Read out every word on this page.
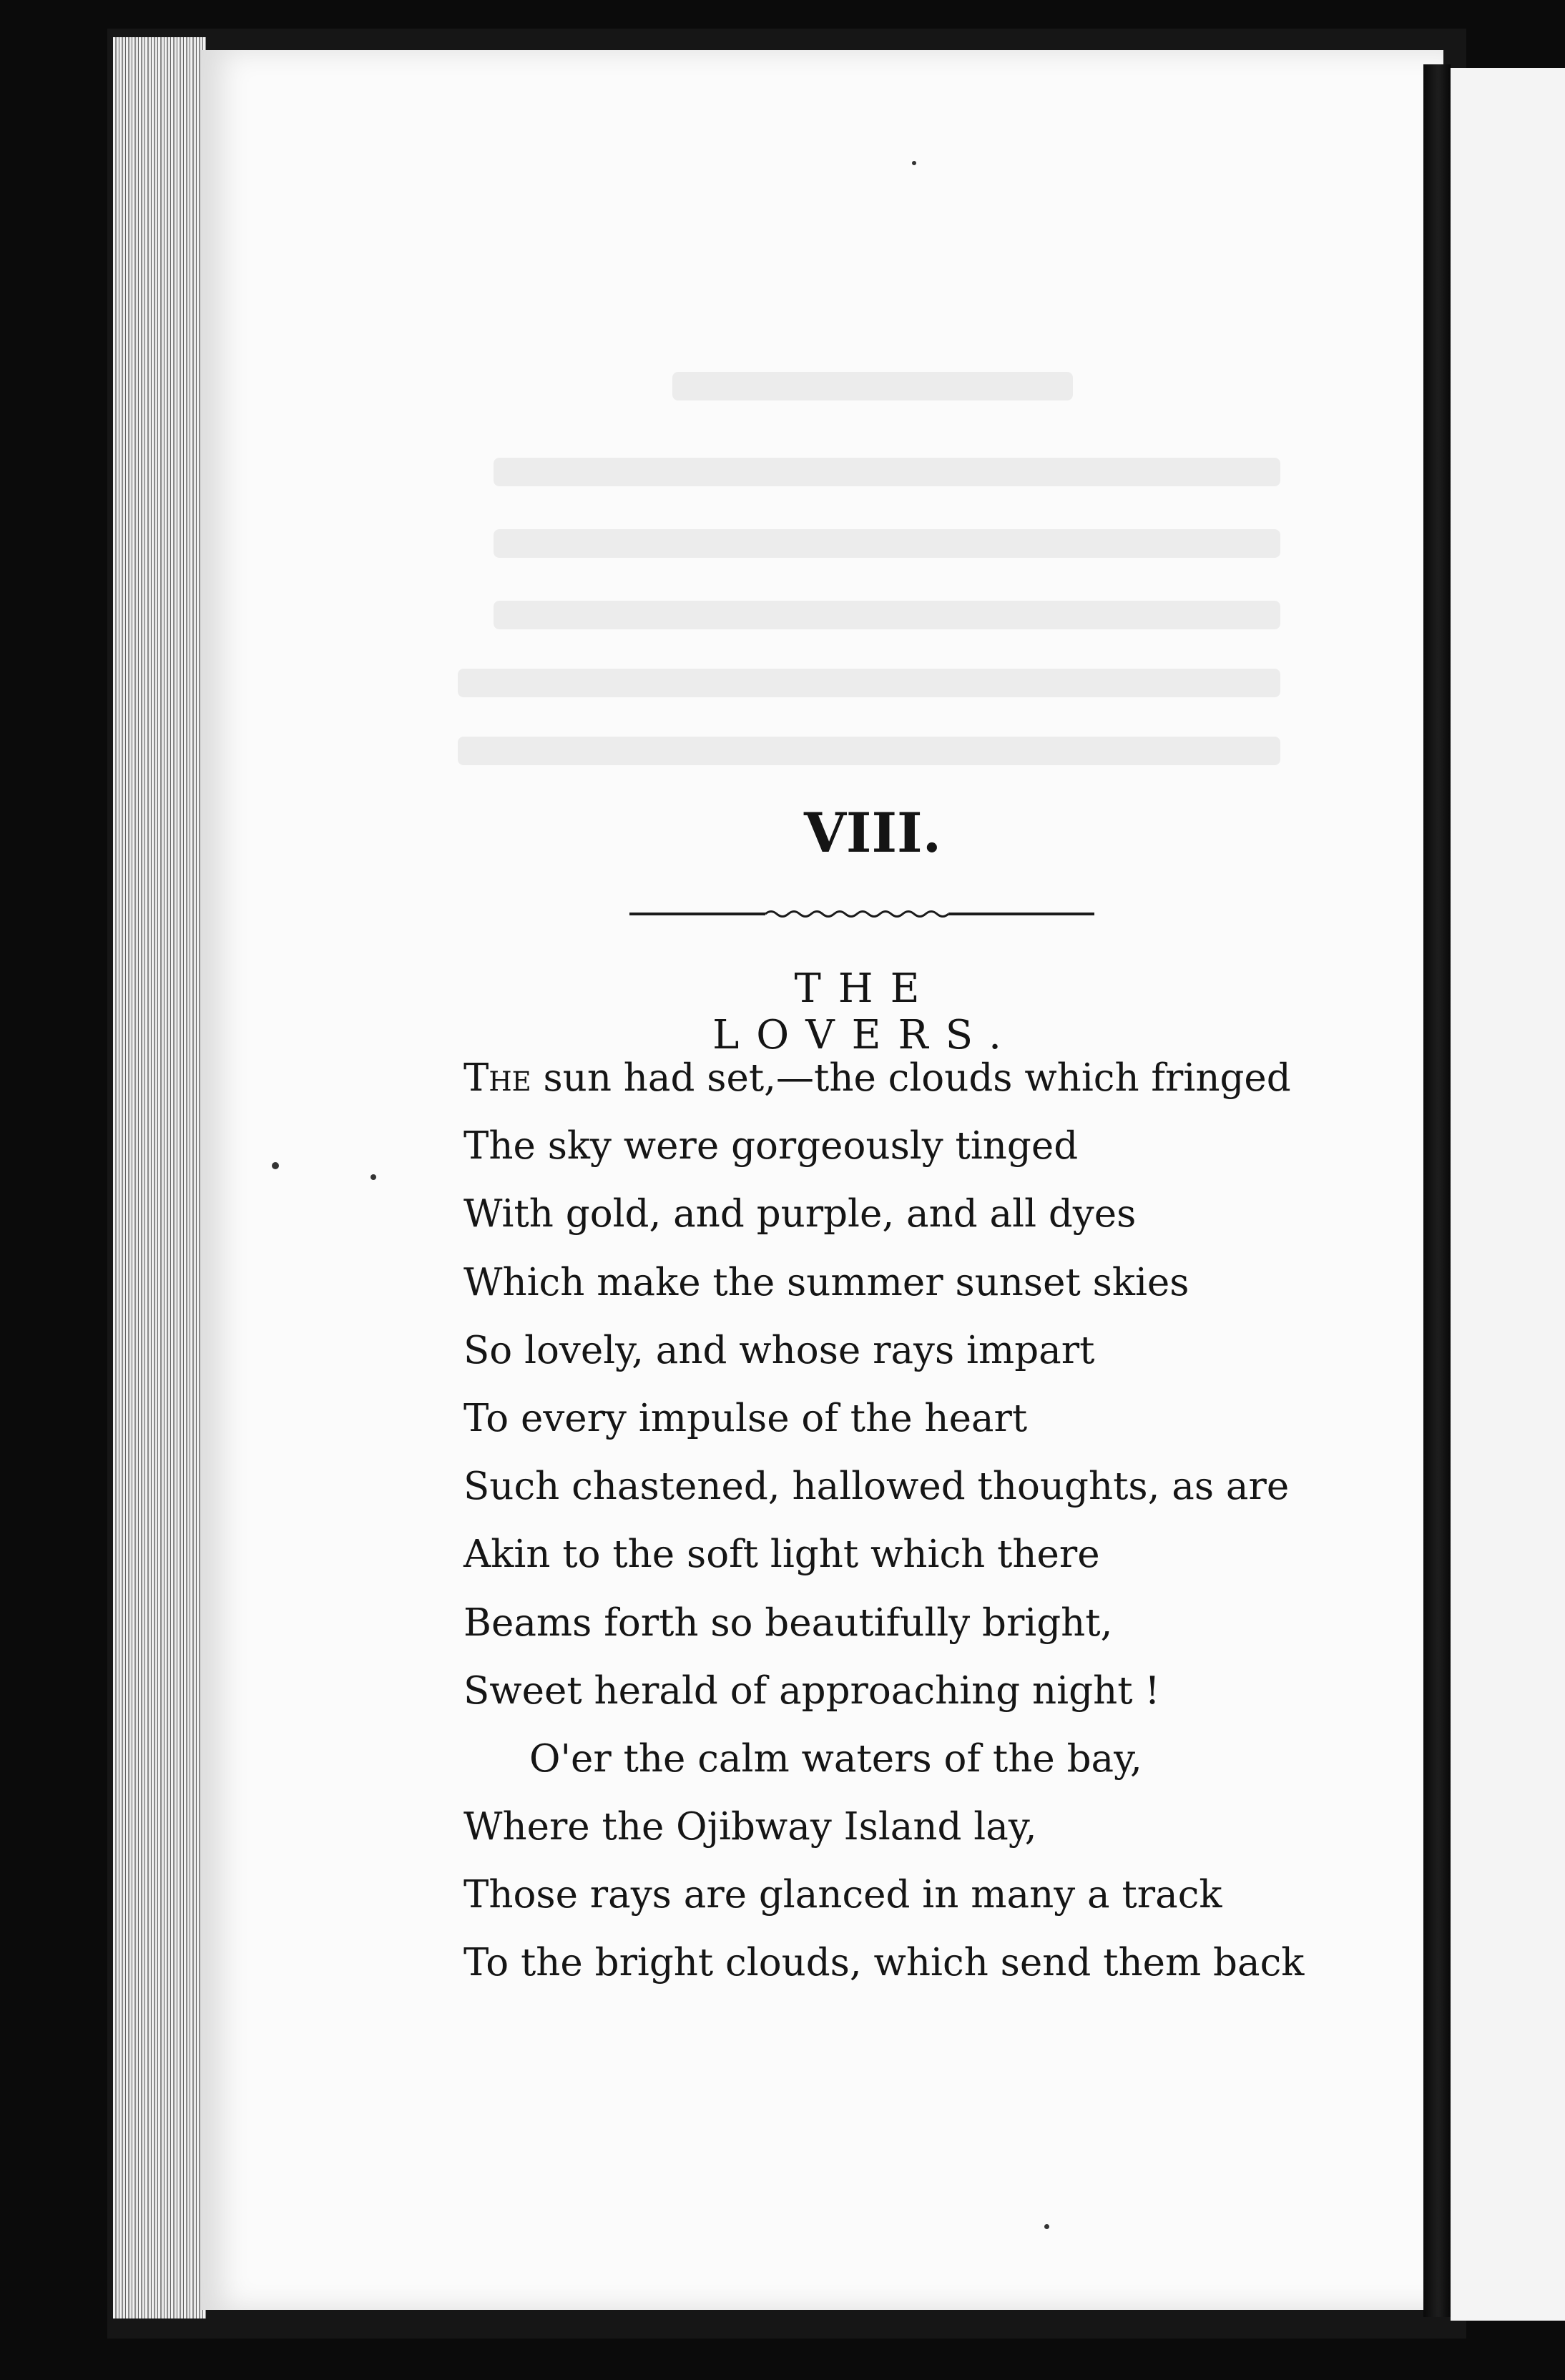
VIII.
THE LOVERS.
The sun had set,—the clouds which fringed
The sky were gorgeously tinged
With gold, and purple, and all dyes
Which make the summer sunset skies
So lovely, and whose rays impart
To every impulse of the heart
Such chastened, hallowed thoughts, as are
Akin to the soft light which there
Beams forth so beautifully bright,
Sweet herald of approaching night !
O'er the calm waters of the bay,
Where the Ojibway Island lay,
Those rays are glanced in many a track
To the bright clouds, which send them back
